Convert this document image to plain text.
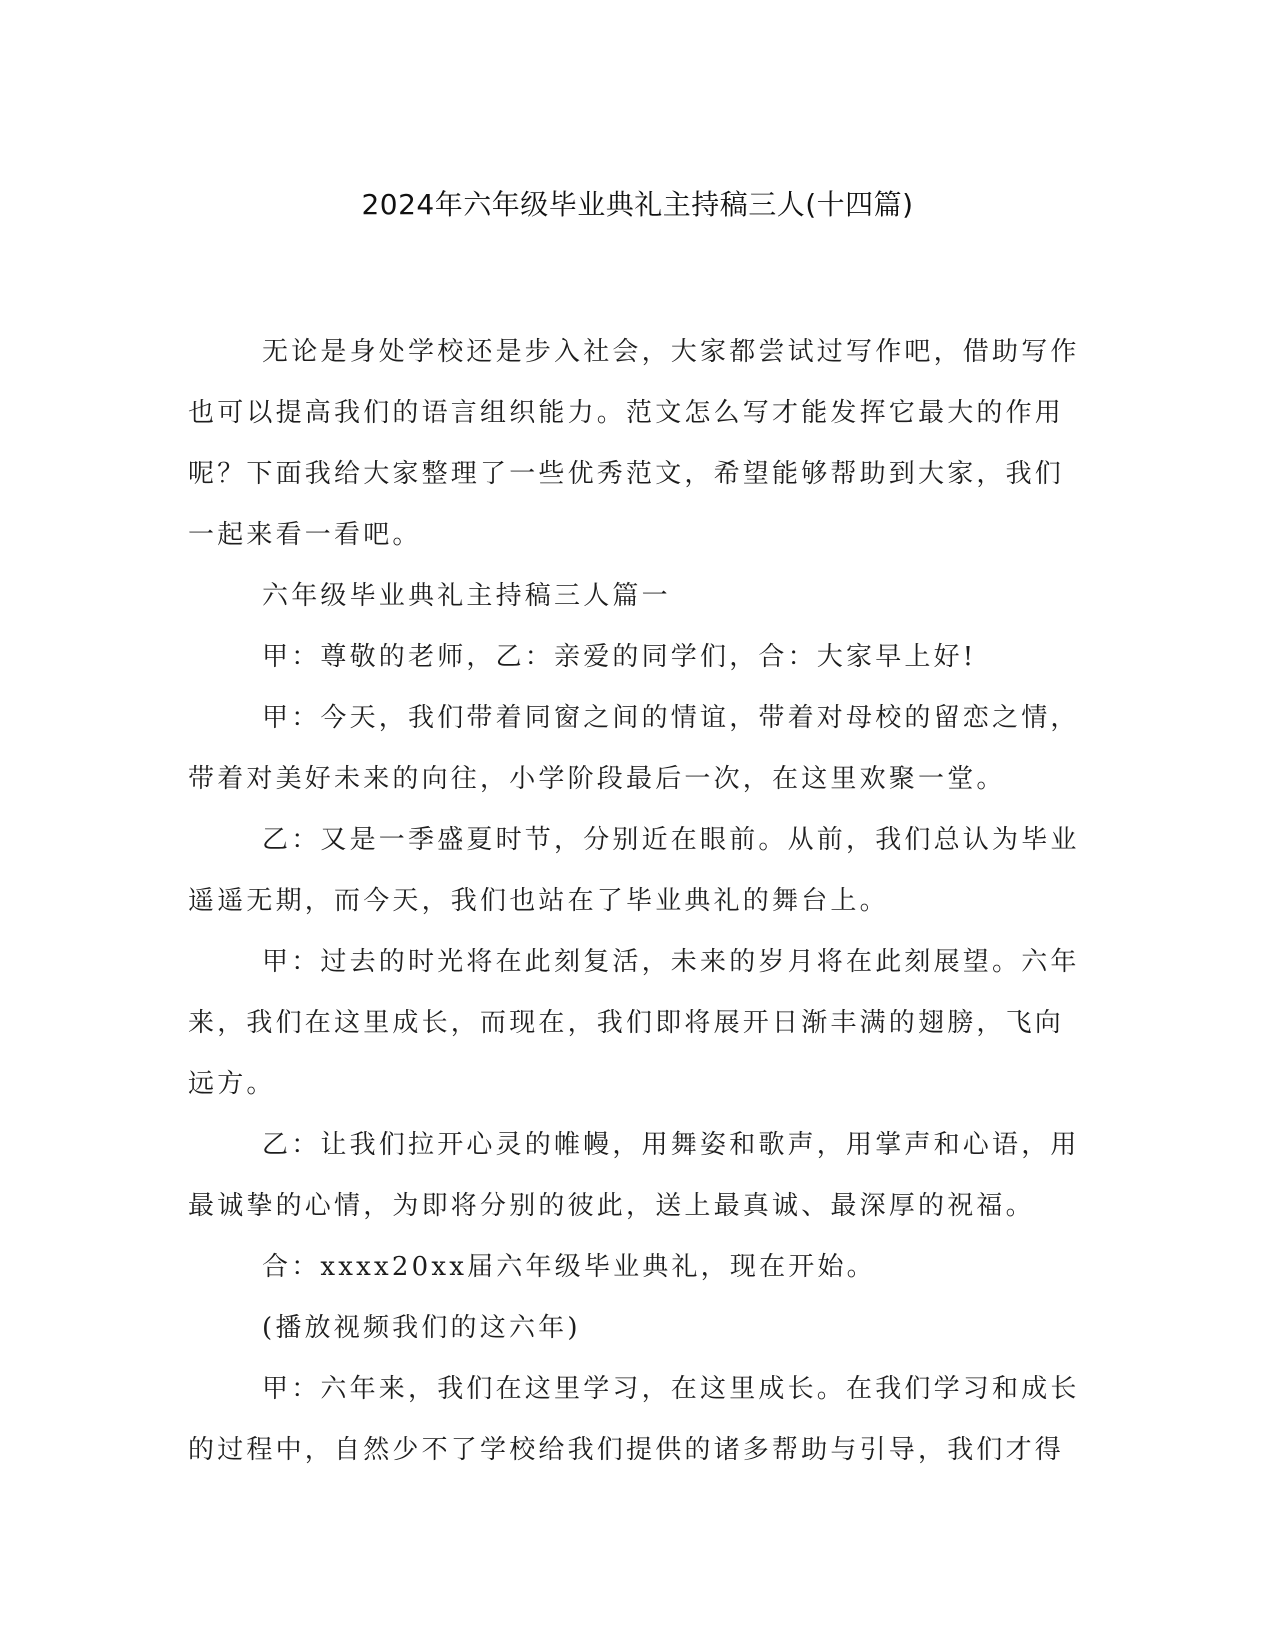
2024年六年级毕业典礼主持稿三人(十四篇)

无论是身处学校还是步入社会，大家都尝试过写作吧，借助写作也可以提高我们的语言组织能力。范文怎么写才能发挥它最大的作用呢？下面我给大家整理了一些优秀范文，希望能够帮助到大家，我们一起来看一看吧。

六年级毕业典礼主持稿三人篇一

甲：尊敬的老师，乙：亲爱的同学们，合：大家早上好!

甲：今天，我们带着同窗之间的情谊，带着对母校的留恋之情，带着对美好未来的向往，小学阶段最后一次，在这里欢聚一堂。

乙：又是一季盛夏时节，分别近在眼前。从前，我们总认为毕业遥遥无期，而今天，我们也站在了毕业典礼的舞台上。

甲：过去的时光将在此刻复活，未来的岁月将在此刻展望。六年来，我们在这里成长，而现在，我们即将展开日渐丰满的翅膀，飞向远方。

乙：让我们拉开心灵的帷幔，用舞姿和歌声，用掌声和心语，用最诚挚的心情，为即将分别的彼此，送上最真诚、最深厚的祝福。

合：xxxx20xx届六年级毕业典礼，现在开始。

(播放视频我们的这六年)

甲：六年来，我们在这里学习，在这里成长。在我们学习和成长的过程中，自然少不了学校给我们提供的诸多帮助与引导，我们才得
